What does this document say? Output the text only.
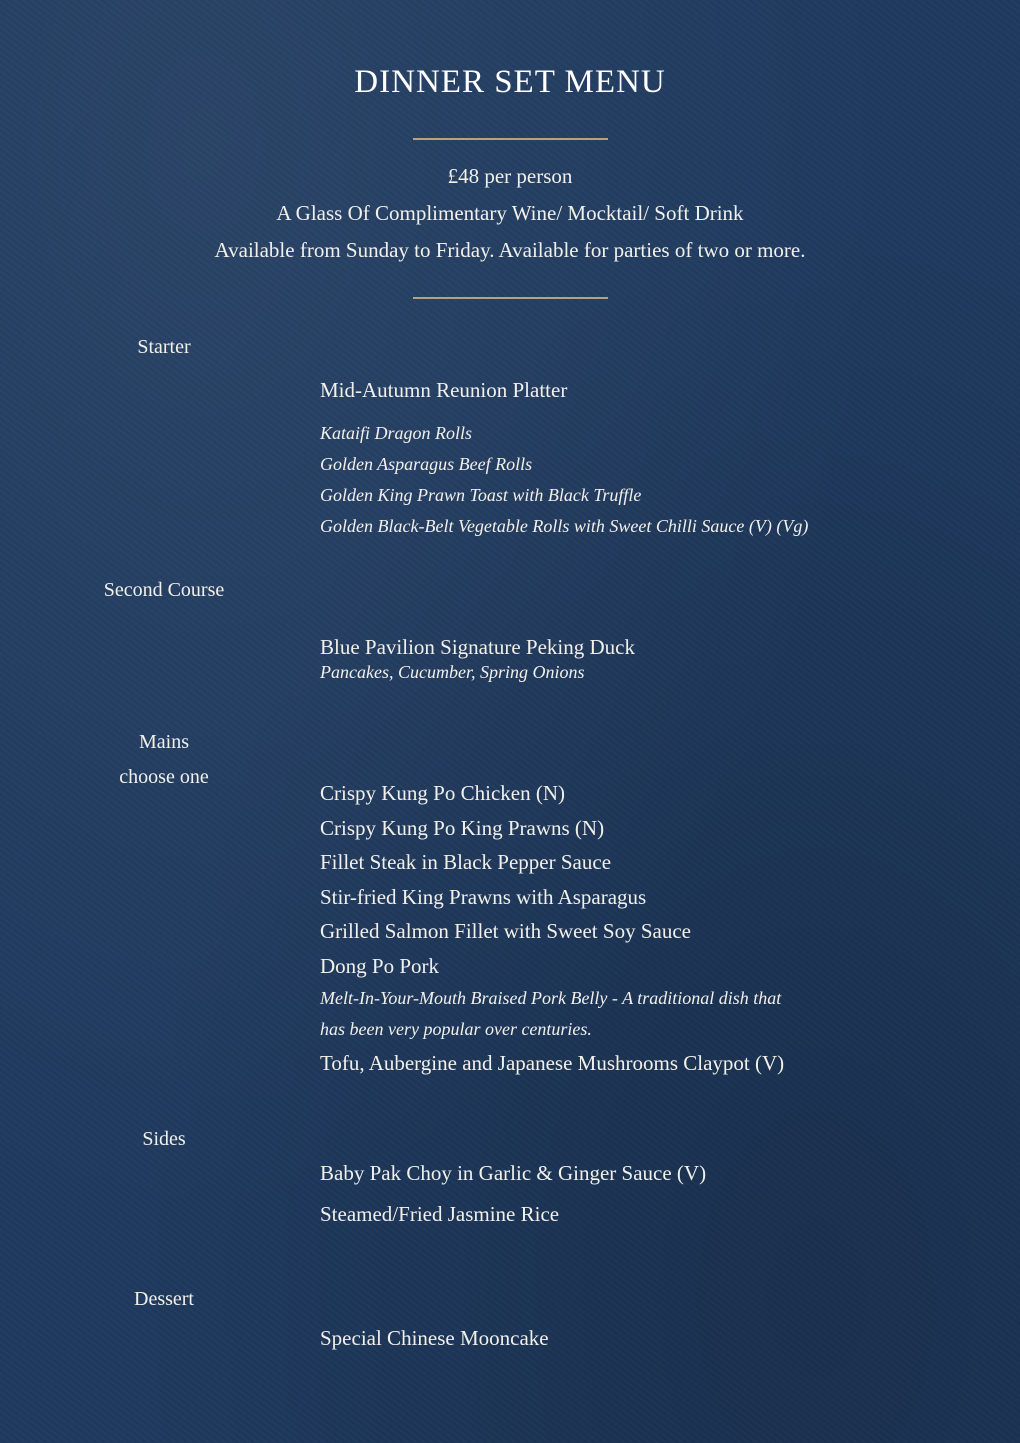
DINNER SET MENU
£48 per person
A Glass Of Complimentary Wine/ Mocktail/ Soft Drink
Available from Sunday to Friday. Available for parties of two or more.
Starter
Mid-Autumn Reunion Platter
Kataifi Dragon Rolls
Golden Asparagus Beef Rolls
Golden King Prawn Toast with Black Truffle
Golden Black-Belt Vegetable Rolls with Sweet Chilli Sauce (V) (Vg)
Second Course
Blue Pavilion Signature Peking Duck
Pancakes, Cucumber, Spring Onions
Mains
choose one
Crispy Kung Po Chicken (N)
Crispy Kung Po King Prawns (N)
Fillet Steak in Black Pepper Sauce
Stir-fried King Prawns with Asparagus
Grilled Salmon Fillet with Sweet Soy Sauce
Dong Po Pork
Melt-In-Your-Mouth Braised Pork Belly - A traditional dish that
has been very popular over centuries.
Tofu, Aubergine and Japanese Mushrooms Claypot (V)
Sides
Baby Pak Choy in Garlic & Ginger Sauce (V)
Steamed/Fried Jasmine Rice
Dessert
Special Chinese Mooncake
